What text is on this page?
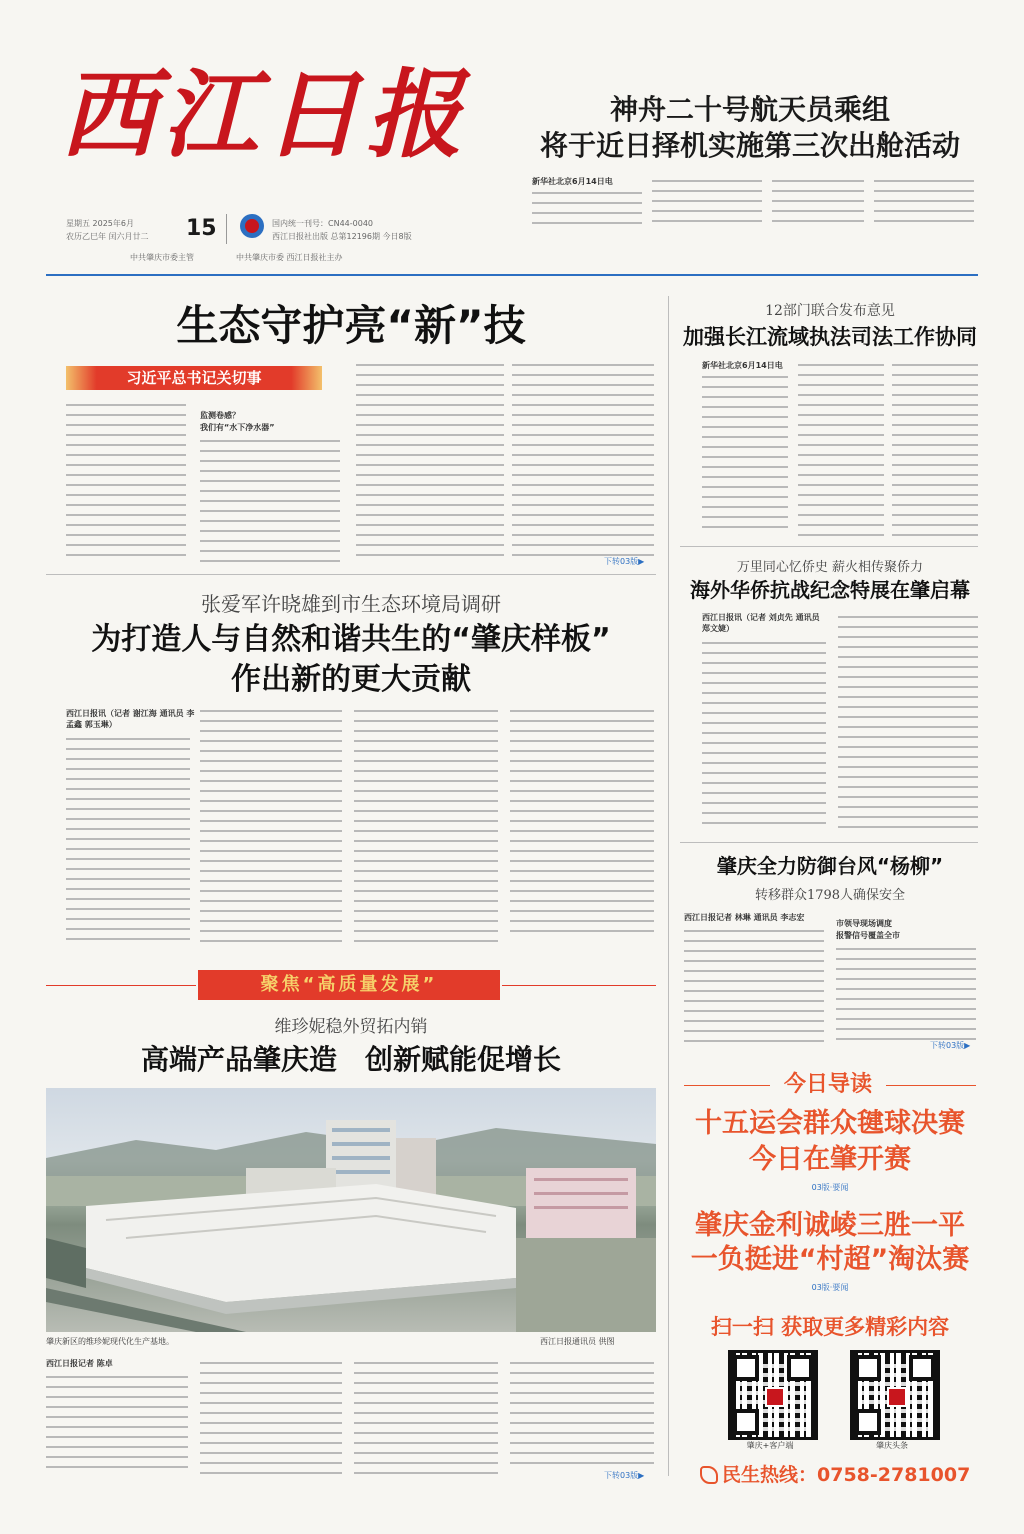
西江日报
星期五 2025年6月
农历乙巳年 闰六月廿二 15	国内统一刊号：CN44-0040
西江日报社出版 总第12196期 今日8版
中共肇庆市委主管	中共肇庆市委 西江日报社主办
神舟二十号航天员乘组
将于近日择机实施第三次出舱活动
新华社北京6月14日电
生态守护亮“新”技
习近平总书记关切事
监测卷感？
我们有“水下净水器”
下转03版▶
张爱军许晓雄到市生态环境局调研
为打造人与自然和谐共生的“肇庆样板”
作出新的更大贡献
西江日报讯（记者 谢江海 通讯员 李孟鑫 郭玉琳）
12部门联合发布意见
加强长江流域执法司法工作协同
新华社北京6月14日电
万里同心忆侨史 薪火相传聚侨力
海外华侨抗战纪念特展在肇启幕
西江日报讯（记者 刘贞先 通讯员 郑文婕）
肇庆全力防御台风“杨柳”
转移群众1798人确保安全
西江日报记者 林琳 通讯员 李志宏
市领导现场调度
报警信号覆盖全市
下转03版▶
聚焦“高质量发展”
维珍妮稳外贸拓内销
高端产品肇庆造　创新赋能促增长
肇庆新区的维珍妮现代化生产基地。	西江日报通讯员 供图
西江日报记者 陈卓
下转03版▶
今日导读
十五运会群众毽球决赛
今日在肇开赛
03版·要闻
肇庆金利诚崚三胜一平
一负挺进“村超”淘汰赛
03版·要闻
扫一扫 获取更多精彩内容
肇庆+客户端	肇庆头条
民生热线：0758-2781007
